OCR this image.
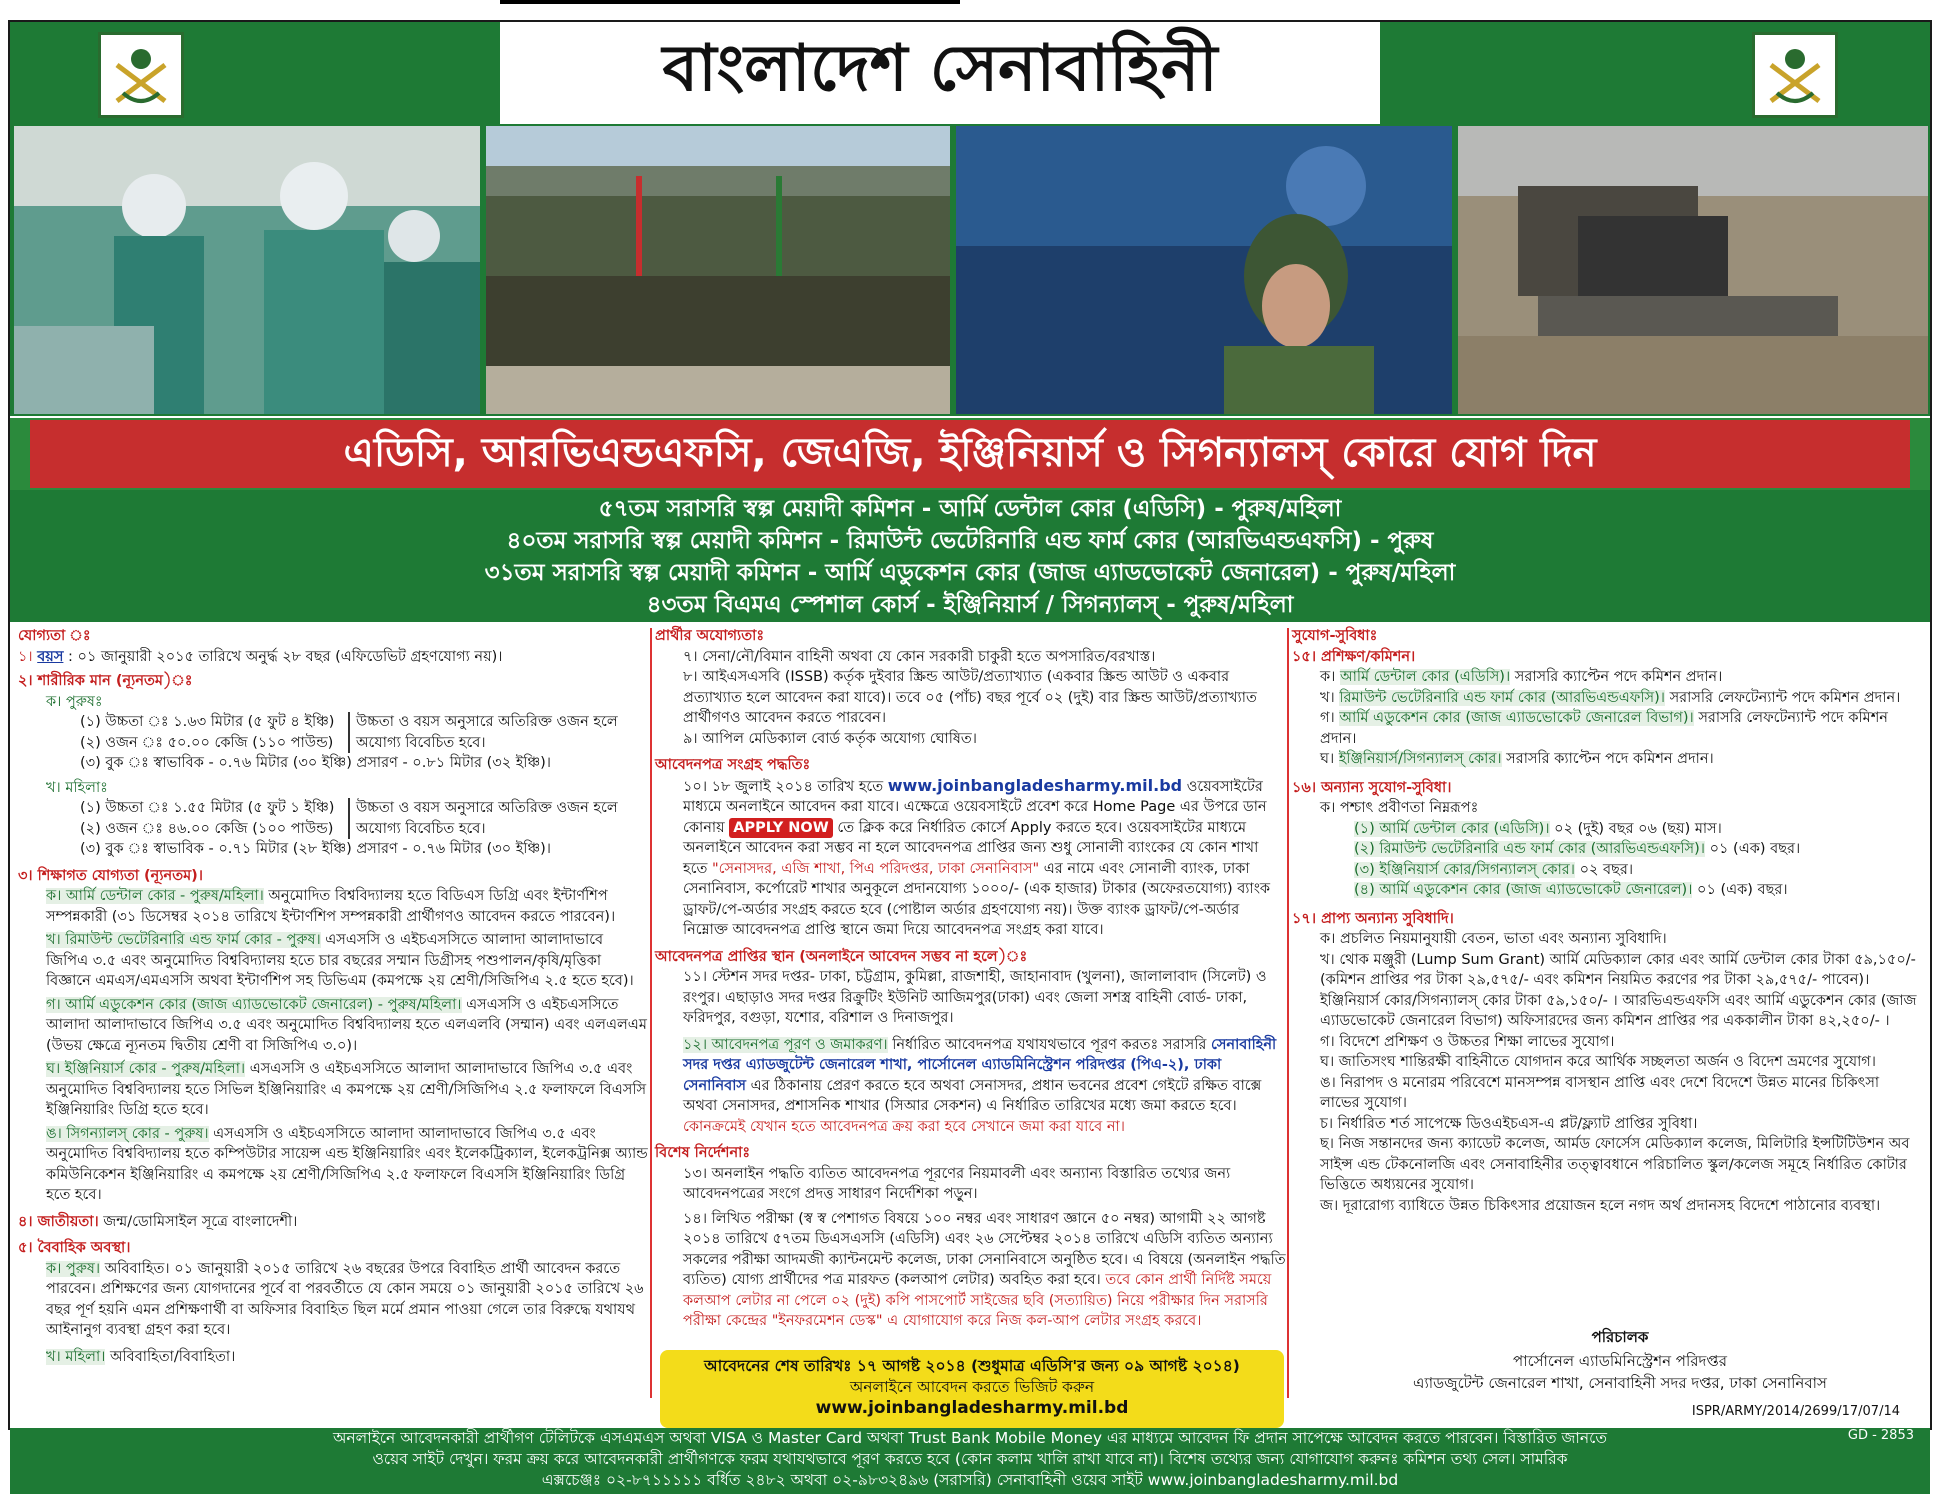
বাংলাদেশ সেনাবাহিনী
এডিসি, আরভিএন্ডএফসি, জেএজি, ইঞ্জিনিয়ার্স ও সিগন্যালস্‌ কোরে যোগ দিন
৫৭তম সরাসরি স্বল্প মেয়াদী কমিশন - আর্মি ডেন্টাল কোর (এডিসি) - পুরুষ/মহিলা
৪০তম সরাসরি স্বল্প মেয়াদী কমিশন - রিমাউন্ট ভেটেরিনারি এন্ড ফার্ম কোর (আরভিএন্ডএফসি) - পুরুষ
৩১তম সরাসরি স্বল্প মেয়াদী কমিশন - আর্মি এডুকেশন কোর (জাজ এ্যাডভোকেট জেনারেল) - পুরুষ/মহিলা
৪৩তম বিএমএ স্পেশাল কোর্স - ইঞ্জিনিয়ার্স / সিগন্যালস্‌ - পুরুষ/মহিলা

যোগ্যতা ঃ

১। বয়স : ০১ জানুয়ারী ২০১৫ তারিখে অনুর্দ্ধ ২৮ বছর (এফিডেভিট গ্রহণযোগ্য নয়)।

২। শারীরিক মান (ন্যূনতম)ঃ

ক। পুরুষঃ

(১) উচ্চতা ঃ ১.৬৩ মিটার (৫ ফুট ৪ ইঞ্চি)

(২) ওজন ঃ ৫০.০০ কেজি (১১০ পাউন্ড)

উচ্চতা ও বয়স অনুসারে অতিরিক্ত ওজন হলে অযোগ্য বিবেচিত হবে।

(৩) বুক ঃ স্বাভাবিক - ০.৭৬ মিটার (৩০ ইঞ্চি) প্রসারণ - ০.৮১ মিটার (৩২ ইঞ্চি)।

খ। মহিলাঃ

(১) উচ্চতা ঃ ১.৫৫ মিটার (৫ ফুট ১ ইঞ্চি)

(২) ওজন ঃ ৪৬.০০ কেজি (১০০ পাউন্ড)

উচ্চতা ও বয়স অনুসারে অতিরিক্ত ওজন হলে অযোগ্য বিবেচিত হবে।

(৩) বুক ঃ স্বাভাবিক - ০.৭১ মিটার (২৮ ইঞ্চি) প্রসারণ - ০.৭৬ মিটার (৩০ ইঞ্চি)।

৩। শিক্ষাগত যোগ্যতা (ন্যূনতম)।

ক। আর্মি ডেন্টাল কোর - পুরুষ/মহিলা। অনুমোদিত বিশ্ববিদ্যালয় হতে বিডিএস ডিগ্রি এবং ইন্টার্ণশিপ সম্পন্নকারী (৩১ ডিসেম্বর ২০১৪ তারিখে ইন্টার্ণশিপ সম্পন্নকারী প্রার্থীগণও আবেদন করতে পারবেন)।

খ। রিমাউন্ট ভেটেরিনারি এন্ড ফার্ম কোর - পুরুষ। এসএসসি ও এইচএসসিতে আলাদা আলাদাভাবে জিপিএ ৩.৫ এবং অনুমোদিত বিশ্ববিদ্যালয় হতে চার বছরের সম্মান ডিগ্রীসহ পশুপালন/কৃষি/মৃত্তিকা বিজ্ঞানে এমএস/এমএসসি অথবা ইন্টার্ণশিপ সহ ডিভিএম (কমপক্ষে ২য় শ্রেণী/সিজিপিএ ২.৫ হতে হবে)।

গ। আর্মি এডুকেশন কোর (জাজ এ্যাডভোকেট জেনারেল) - পুরুষ/মহিলা। এসএসসি ও এইচএসসিতে আলাদা আলাদাভাবে জিপিএ ৩.৫ এবং অনুমোদিত বিশ্ববিদ্যালয় হতে এলএলবি (সম্মান) এবং এলএলএম (উভয় ক্ষেত্রে ন্যূনতম দ্বিতীয় শ্রেণী বা সিজিপিএ ৩.০)।

ঘ। ইঞ্জিনিয়ার্স কোর - পুরুষ/মহিলা। এসএসসি ও এইচএসসিতে আলাদা আলাদাভাবে জিপিএ ৩.৫ এবং অনুমোদিত বিশ্ববিদ্যালয় হতে সিভিল ইঞ্জিনিয়ারিং এ কমপক্ষে ২য় শ্রেণী/সিজিপিএ ২.৫ ফলাফলে বিএসসি ইঞ্জিনিয়ারিং ডিগ্রি হতে হবে।

ঙ। সিগন্যালস্‌ কোর - পুরুষ। এসএসসি ও এইচএসসিতে আলাদা আলাদাভাবে জিপিএ ৩.৫ এবং অনুমোদিত বিশ্ববিদ্যালয় হতে কম্পিউটার সায়েন্স এন্ড ইঞ্জিনিয়ারিং এবং ইলেকট্রিক্যাল, ইলেকট্রনিক্স অ্যান্ড কমিউনিকেশন ইঞ্জিনিয়ারিং এ কমপক্ষে ২য় শ্রেণী/সিজিপিএ ২.৫ ফলাফলে বিএসসি ইঞ্জিনিয়ারিং ডিগ্রি হতে হবে।

৪। জাতীয়তা। জন্ম/ডোমিসাইল সূত্রে বাংলাদেশী।

৫। বৈবাহিক অবস্থা।

ক। পুরুষ। অবিবাহিত। ০১ জানুয়ারী ২০১৫ তারিখে ২৬ বছরের উপরে বিবাহিত প্রার্থী আবেদন করতে পারবেন। প্রশিক্ষণের জন্য যোগদানের পূর্বে বা পরবর্তীতে যে কোন সময়ে ০১ জানুয়ারী ২০১৫ তারিখে ২৬ বছর পূর্ণ হয়নি এমন প্রশিক্ষণার্থী বা অফিসার বিবাহিত ছিল মর্মে প্রমান পাওয়া গেলে তার বিরুদ্ধে যথাযথ আইনানুগ ব্যবস্থা গ্রহণ করা হবে।

খ। মহিলা। অবিবাহিতা/বিবাহিতা।

প্রার্থীর অযোগ্যতাঃ

৭। সেনা/নৌ/বিমান বাহিনী অথবা যে কোন সরকারী চাকুরী হতে অপসারিত/বরখাস্ত।

৮। আইএসএসবি (ISSB) কর্তৃক দুইবার স্ক্রিন্ড আউট/প্রত্যাখ্যাত (একবার স্ক্রিন্ড আউট ও একবার প্রত্যাখ্যাত হলে আবেদন করা যাবে)। তবে ০৫ (পাঁচ) বছর পূর্বে ০২ (দুই) বার স্ক্রিন্ড আউট/প্রত্যাখ্যাত প্রার্থীগণও আবেদন করতে পারবেন।

৯। আপিল মেডিক্যাল বোর্ড কর্তৃক অযোগ্য ঘোষিত।

আবেদনপত্র সংগ্রহ পদ্ধতিঃ

১০। ১৮ জুলাই ২০১৪ তারিখ হতে www.joinbangladesharmy.mil.bd ওয়েবসাইটের মাধ্যমে অনলাইনে আবেদন করা যাবে। এক্ষেত্রে ওয়েবসাইটে প্রবেশ করে Home Page এর উপরে ডান কোনায় APPLY NOW তে ক্লিক করে নির্ধারিত কোর্সে Apply করতে হবে। ওয়েবসাইটের মাধ্যমে অনলাইনে আবেদন করা সম্ভব না হলে আবেদনপত্র প্রাপ্তির জন্য শুধু সোনালী ব্যাংকের যে কোন শাখা হতে "সেনাসদর, এজি শাখা, পিএ পরিদপ্তর, ঢাকা সেনানিবাস" এর নামে এবং সোনালী ব্যাংক, ঢাকা সেনানিবাস, কর্পোরেট শাখার অনুকূলে প্রদানযোগ্য ১০০০/- (এক হাজার) টাকার (অফেরতযোগ্য) ব্যাংক ড্রাফট/পে-অর্ডার সংগ্রহ করতে হবে (পোষ্টাল অর্ডার গ্রহণযোগ্য নয়)। উক্ত ব্যাংক ড্রাফট/পে-অর্ডার নিম্নোক্ত আবেদনপত্র প্রাপ্তি স্থানে জমা দিয়ে আবেদনপত্র সংগ্রহ করা যাবে।

আবেদনপত্র প্রাপ্তির স্থান (অনলাইনে আবেদন সম্ভব না হলে)ঃ

১১। স্টেশন সদর দপ্তর- ঢাকা, চট্টগ্রাম, কুমিল্লা, রাজশাহী, জাহানাবাদ (খুলনা), জালালাবাদ (সিলেট) ও রংপুর। এছাড়াও সদর দপ্তর রিক্রুটিং ইউনিট আজিমপুর(ঢাকা) এবং জেলা সশস্ত্র বাহিনী বোর্ড- ঢাকা, ফরিদপুর, বগুড়া, যশোর, বরিশাল ও দিনাজপুর।

১২। আবেদনপত্র পূরণ ও জমাকরণ। নির্ধারিত আবেদনপত্র যথাযথভাবে পূরণ করতঃ সরাসরি সেনাবাহিনী সদর দপ্তর এ্যাডজুটেন্ট জেনারেল শাখা, পার্সোনেল এ্যাডমিনিস্ট্রেশন পরিদপ্তর (পিএ-২), ঢাকা সেনানিবাস এর ঠিকানায় প্রেরণ করতে হবে অথবা সেনাসদর, প্রধান ভবনের প্রবেশ গেইটে রক্ষিত বাক্সে অথবা সেনাসদর, প্রশাসনিক শাখার (সিআর সেকশন) এ নির্ধারিত তারিখের মধ্যে জমা করতে হবে। কোনক্রমেই যেখান হতে আবেদনপত্র ক্রয় করা হবে সেখানে জমা করা যাবে না।

বিশেষ নির্দেশনাঃ

১৩। অনলাইন পদ্ধতি ব্যতিত আবেদনপত্র পূরণের নিয়মাবলী এবং অন্যান্য বিস্তারিত তথ্যের জন্য আবেদনপত্রের সংগে প্রদত্ত সাধারণ নির্দেশিকা পড়ুন।

১৪। লিখিত পরীক্ষা (স্ব স্ব পেশাগত বিষয়ে ১০০ নম্বর এবং সাধারণ জ্ঞানে ৫০ নম্বর) আগামী ২২ আগষ্ট ২০১৪ তারিখে ৫৭তম ডিএসএসসি (এডিসি) এবং ২৬ সেপ্টেম্বর ২০১৪ তারিখে এডিসি ব্যতিত অন্যান্য সকলের পরীক্ষা আদমজী ক্যান্টনমেন্ট কলেজ, ঢাকা সেনানিবাসে অনুষ্ঠিত হবে। এ বিষয়ে (অনলাইন পদ্ধতি ব্যতিত) যোগ্য প্রার্থীদের পত্র মারফত (কলআপ লেটার) অবহিত করা হবে। তবে কোন প্রার্থী নির্দিষ্ট সময়ে কলআপ লেটার না পেলে ০২ (দুই) কপি পাসপোর্ট সাইজের ছবি (সত্যায়িত) নিয়ে পরীক্ষার দিন সরাসরি পরীক্ষা কেন্দ্রের "ইনফরমেশন ডেস্ক" এ যোগাযোগ করে নিজ কল-আপ লেটার সংগ্রহ করবে।

আবেদনের শেষ তারিখঃ ১৭ আগষ্ট ২০১৪ (শুধুমাত্র এডিসি'র জন্য ০৯ আগষ্ট ২০১৪)
অনলাইনে আবেদন করতে ভিজিট করুন
www.joinbangladesharmy.mil.bd

সুযোগ-সুবিধাঃ

১৫। প্রশিক্ষণ/কমিশন।

ক। আর্মি ডেন্টাল কোর (এডিসি)। সরাসরি ক্যাপ্টেন পদে কমিশন প্রদান।

খ। রিমাউন্ট ভেটেরিনারি এন্ড ফার্ম কোর (আরভিএন্ডএফসি)। সরাসরি লেফটেন্যান্ট পদে কমিশন প্রদান।

গ। আর্মি এডুকেশন কোর (জাজ এ্যাডভোকেট জেনারেল বিভাগ)। সরাসরি লেফটেন্যান্ট পদে কমিশন প্রদান।

ঘ। ইঞ্জিনিয়ার্স/সিগন্যালস্‌ কোর। সরাসরি ক্যাপ্টেন পদে কমিশন প্রদান।

১৬। অন্যান্য সুযোগ-সুবিধা।

ক। পশ্চাৎ প্রবীণতা নিম্নরূপঃ

(১) আর্মি ডেন্টাল কোর (এডিসি)। ০২ (দুই) বছর ০৬ (ছয়) মাস।

(২) রিমাউন্ট ভেটেরিনারি এন্ড ফার্ম কোর (আরভিএন্ডএফসি)। ০১ (এক) বছর।

(৩) ইঞ্জিনিয়ার্স কোর/সিগন্যালস্‌ কোর। ০২ বছর।

(৪) আর্মি এডুকেশন কোর (জাজ এ্যাডভোকেট জেনারেল)। ০১ (এক) বছর।

১৭। প্রাপ্য অন্যান্য সুবিধাদি।

ক। প্রচলিত নিয়মানুযায়ী বেতন, ভাতা এবং অন্যান্য সুবিধাদি।

খ। থোক মঞ্জুরী (Lump Sum Grant) আর্মি মেডিক্যাল কোর এবং আর্মি ডেন্টাল কোর টাকা ৫৯,১৫০/- (কমিশন প্রাপ্তির পর টাকা ২৯,৫৭৫/- এবং কমিশন নিয়মিত করণের পর টাকা ২৯,৫৭৫/- পাবেন)। ইঞ্জিনিয়ার্স কোর/সিগন্যালস্‌ কোর টাকা ৫৯,১৫০/- । আরভিএন্ডএফসি এবং আর্মি এডুকেশন কোর (জাজ এ্যাডভোকেট জেনারেল বিভাগ) অফিসারদের জন্য কমিশন প্রাপ্তির পর এককালীন টাকা ৪২,২৫০/- ।

গ। বিদেশে প্রশিক্ষণ ও উচ্চতর শিক্ষা লাভের সুযোগ।

ঘ। জাতিসংঘ শান্তিরক্ষী বাহিনীতে যোগদান করে আর্থিক সচ্ছলতা অর্জন ও বিদেশ ভ্রমণের সুযোগ।

ঙ। নিরাপদ ও মনোরম পরিবেশে মানসম্পন্ন বাসস্থান প্রাপ্তি এবং দেশে বিদেশে উন্নত মানের চিকিৎসা লাভের সুযোগ।

চ। নির্ধারিত শর্ত সাপেক্ষে ডিওএইচএস-এ প্লট/ফ্ল্যাট প্রাপ্তির সুবিধা।

ছ। নিজ সন্তানদের জন্য ক্যাডেট কলেজ, আর্মড ফোর্সেস মেডিক্যাল কলেজ, মিলিটারি ইন্সটিটিউশন অব সাইন্স এন্ড টেকনোলজি এবং সেনাবাহিনীর তত্ত্বাবধানে পরিচালিত স্কুল/কলেজ সমূহে নির্ধারিত কোটার ভিত্তিতে অধ্যয়নের সুযোগ।

জ। দূরারোগ্য ব্যাধিতে উন্নত চিকিৎসার প্রয়োজন হলে নগদ অর্থ প্রদানসহ বিদেশে পাঠানোর ব্যবস্থা।

পরিচালক
পার্সোনেল এ্যাডমিনিস্ট্রেশন পরিদপ্তর
এ্যাডজুটেন্ট জেনারেল শাখা, সেনাবাহিনী সদর দপ্তর, ঢাকা সেনানিবাস
ISPR/ARMY/2014/2699/17/07/14
অনলাইনে আবেদনকারী প্রার্থীগণ টেলিটকে এসএমএস অথবা VISA ও Master Card অথবা Trust Bank Mobile Money এর মাধ্যমে আবেদন ফি প্রদান সাপেক্ষে আবেদন করতে পারবেন। বিস্তারিত জানতে
ওয়েব সাইট দেখুন। ফরম ক্রয় করে আবেদনকারী প্রার্থীগণকে ফরম যথাযথভাবে পূরণ করতে হবে (কোন কলাম খালি রাখা যাবে না)। বিশেষ তথ্যের জন্য যোগাযোগ করুনঃ কমিশন তথ্য সেল। সামরিক
এক্সচেঞ্জঃ ০২-৮৭১১১১১ বর্ধিত ২৪৮২ অথবা ০২-৯৮৩২৪৯৬ (সরাসরি) সেনাবাহিনী ওয়েব সাইট www.joinbangladesharmy.mil.bd
GD - 2853
